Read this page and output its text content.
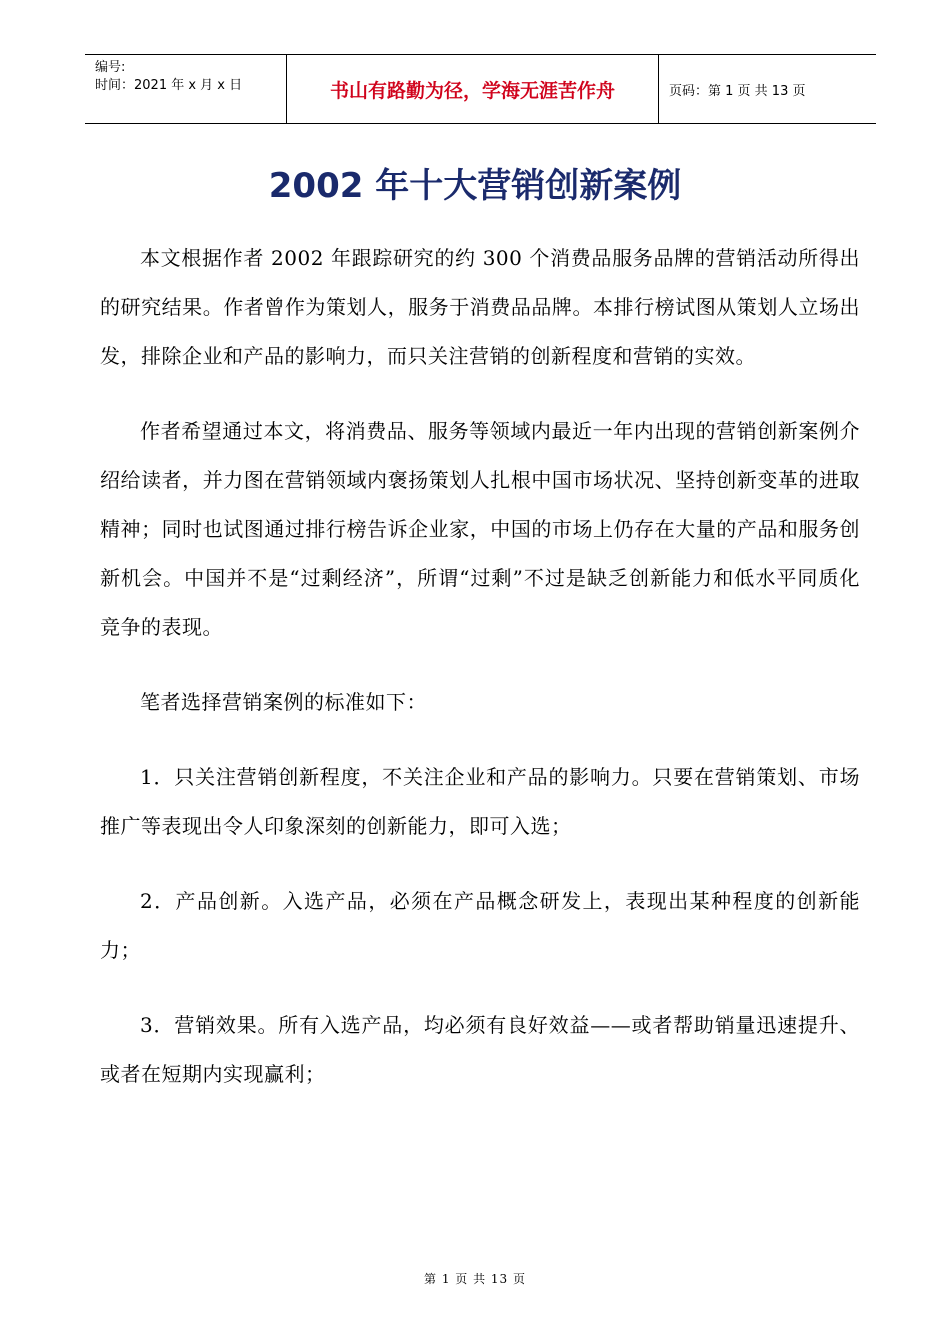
编号:
时间：2021 年 x 月 x 日	书山有路勤为径，学海无涯苦作舟	页码：第 1 页 共 13 页
2002 年十大营销创新案例

本文根据作者 2002 年跟踪研究的约 300 个消费品服务品牌的营销活动所得出的研究结果。作者曾作为策划人，服务于消费品品牌。本排行榜试图从策划人立场出发，排除企业和产品的影响力，而只关注营销的创新程度和营销的实效。

作者希望通过本文，将消费品、服务等领域内最近一年内出现的营销创新案例介绍给读者，并力图在营销领域内褒扬策划人扎根中国市场状况、坚持创新变革的进取精神；同时也试图通过排行榜告诉企业家，中国的市场上仍存在大量的产品和服务创新机会。中国并不是“过剩经济”，所谓“过剩”不过是缺乏创新能力和低水平同质化竞争的表现。

笔者选择营销案例的标准如下：

1．只关注营销创新程度，不关注企业和产品的影响力。只要在营销策划、市场推广等表现出令人印象深刻的创新能力，即可入选；

2．产品创新。入选产品，必须在产品概念研发上，表现出某种程度的创新能力；

3．营销效果。所有入选产品，均必须有良好效益——或者帮助销量迅速提升、或者在短期内实现赢利；

第 1 页 共 13 页
